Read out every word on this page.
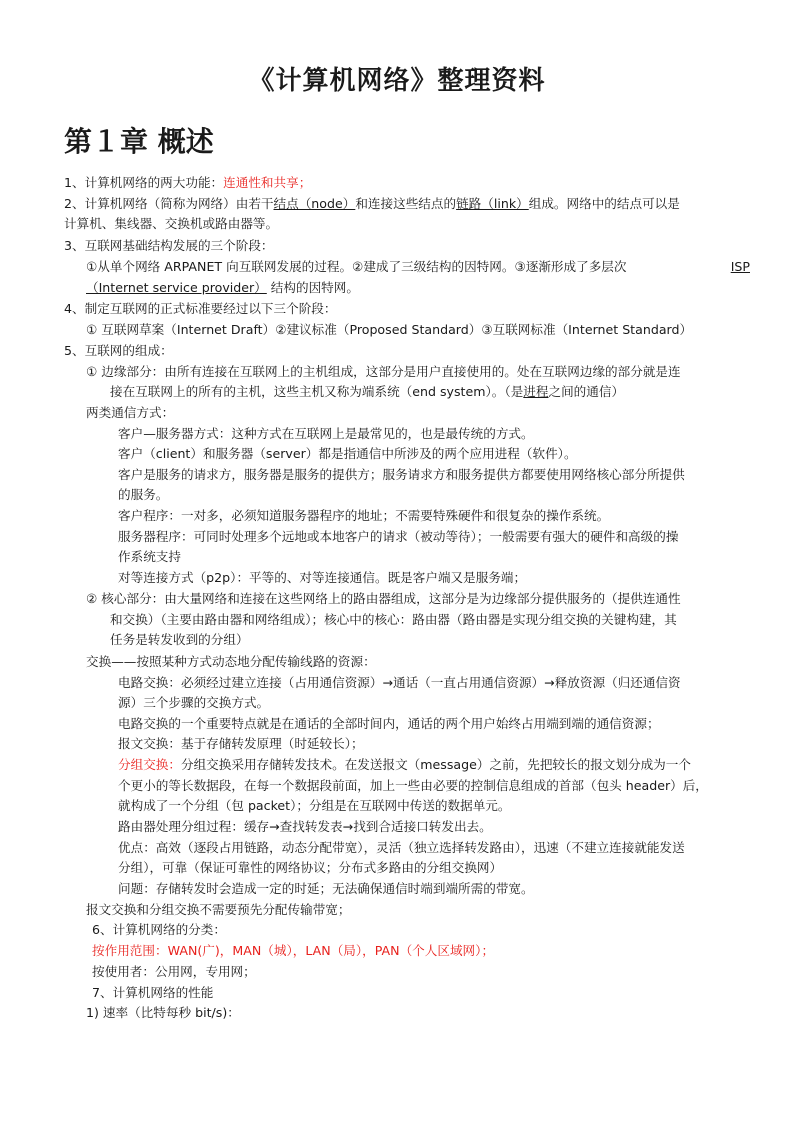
《计算机网络》整理资料
第１章 概述
1、计算机网络的两大功能：连通性和共享；
2、计算机网络（简称为网络）由若干结点（node）和连接这些结点的链路（link）组成。网络中的结点可以是
计算机、集线器、交换机或路由器等。
3、互联网基础结构发展的三个阶段：
①从单个网络 ARPANET 向互联网发展的过程。②建成了三级结构的因特网。③逐渐形成了多层次	ISP
（Internet service provider） 结构的因特网。
4、制定互联网的正式标准要经过以下三个阶段：
① 互联网草案（Internet Draft）②建议标准（Proposed Standard）③互联网标准（Internet Standard）
5、互联网的组成：
① 边缘部分：由所有连接在互联网上的主机组成，这部分是用户直接使用的。处在互联网边缘的部分就是连
接在互联网上的所有的主机，这些主机又称为端系统（end system）。（是进程之间的通信）
两类通信方式：
客户—服务器方式：这种方式在互联网上是最常见的，也是最传统的方式。
客户（client）和服务器（server）都是指通信中所涉及的两个应用进程（软件）。
客户是服务的请求方，服务器是服务的提供方；服务请求方和服务提供方都要使用网络核心部分所提供
的服务。
客户程序：一对多，必须知道服务器程序的地址；不需要特殊硬件和很复杂的操作系统。
服务器程序：可同时处理多个远地或本地客户的请求（被动等待）；一般需要有强大的硬件和高级的操
作系统支持
对等连接方式（p2p）：平等的、对等连接通信。既是客户端又是服务端；
② 核心部分：由大量网络和连接在这些网络上的路由器组成，这部分是为边缘部分提供服务的（提供连通性
和交换）（主要由路由器和网络组成）；核心中的核心：路由器（路由器是实现分组交换的关键构建，其
任务是转发收到的分组）
交换——按照某种方式动态地分配传输线路的资源：
电路交换：必须经过建立连接（占用通信资源）→通话（一直占用通信资源）→释放资源（归还通信资
源）三个步骤的交换方式。
电路交换的一个重要特点就是在通话的全部时间内，通话的两个用户始终占用端到端的通信资源；
报文交换：基于存储转发原理（时延较长）；
分组交换：分组交换采用存储转发技术。在发送报文（message）之前，先把较长的报文划分成为一个
个更小的等长数据段，在每一个数据段前面，加上一些由必要的控制信息组成的首部（包头 header）后，
就构成了一个分组（包 packet）；分组是在互联网中传送的数据单元。
路由器处理分组过程：缓存→查找转发表→找到合适接口转发出去。
优点：高效（逐段占用链路，动态分配带宽），灵活（独立选择转发路由），迅速（不建立连接就能发送
分组），可靠（保证可靠性的网络协议；分布式多路由的分组交换网）
问题：存储转发时会造成一定的时延；无法确保通信时端到端所需的带宽。
报文交换和分组交换不需要预先分配传输带宽；
6、计算机网络的分类：
按作用范围：WAN(广)，MAN（城），LAN（局），PAN（个人区域网）；
按使用者：公用网，专用网；
7、计算机网络的性能
1) 速率（比特每秒 bit/s)：
